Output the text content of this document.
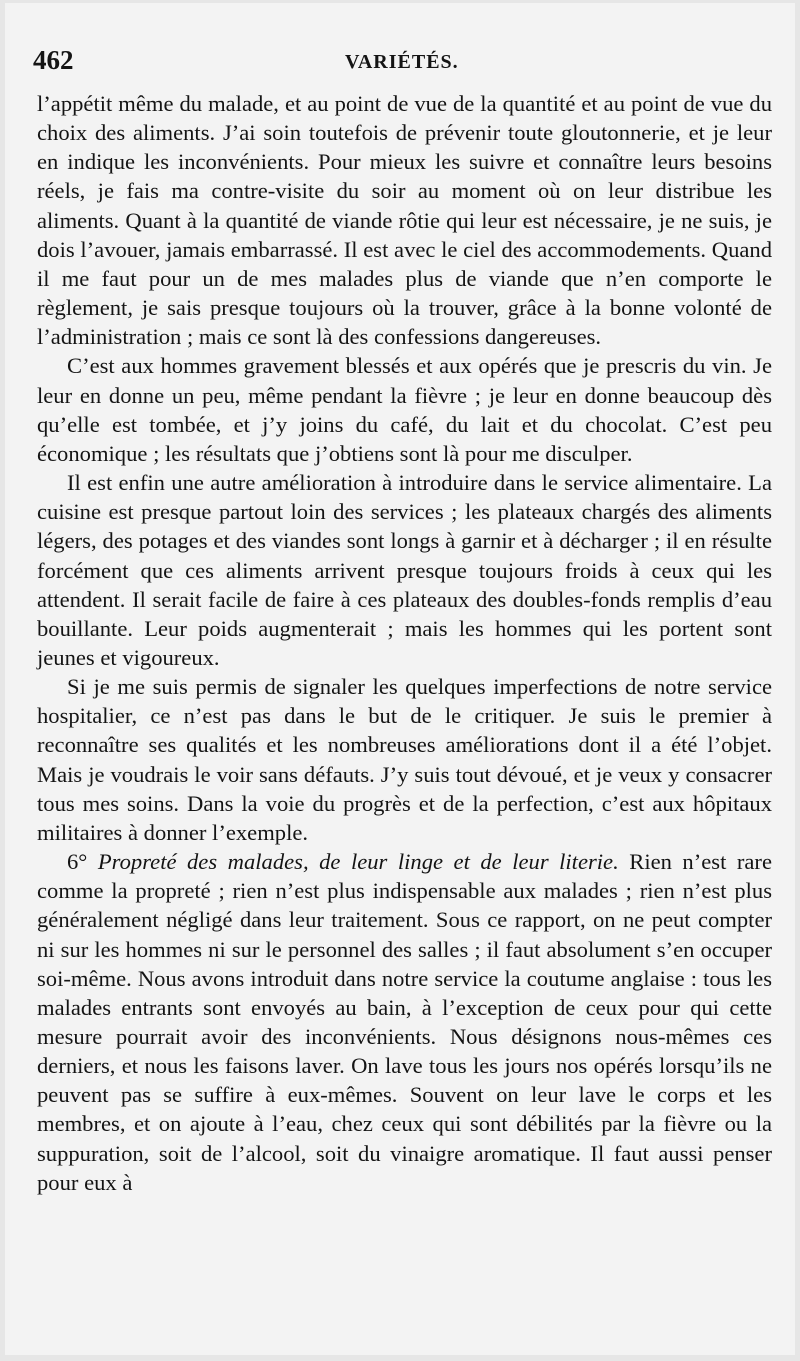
462	VARIÉTÉS.

l’appétit même du malade, et au point de vue de la quantité et au point de vue du choix des aliments. J’ai soin toutefois de prévenir toute gloutonnerie, et je leur en indique les inconvénients. Pour mieux les suivre et connaître leurs besoins réels, je fais ma contre-visite du soir au moment où on leur distribue les aliments. Quant à la quantité de viande rôtie qui leur est nécessaire, je ne suis, je dois l’avouer, jamais embarrassé. Il est avec le ciel des accommodements. Quand il me faut pour un de mes malades plus de viande que n’en comporte le règlement, je sais presque toujours où la trouver, grâce à la bonne volonté de l’administration ; mais ce sont là des confessions dangereuses.

C’est aux hommes gravement blessés et aux opérés que je prescris du vin. Je leur en donne un peu, même pendant la fièvre ; je leur en donne beaucoup dès qu’elle est tombée, et j’y joins du café, du lait et du chocolat. C’est peu économique ; les résultats que j’obtiens sont là pour me disculper.

Il est enfin une autre amélioration à introduire dans le service alimentaire. La cuisine est presque partout loin des services ; les plateaux chargés des aliments légers, des potages et des viandes sont longs à garnir et à décharger ; il en résulte forcément que ces aliments arrivent presque toujours froids à ceux qui les attendent. Il serait facile de faire à ces plateaux des doubles-fonds remplis d’eau bouillante. Leur poids augmenterait ; mais les hommes qui les portent sont jeunes et vigoureux.

Si je me suis permis de signaler les quelques imperfections de notre service hospitalier, ce n’est pas dans le but de le critiquer. Je suis le premier à reconnaître ses qualités et les nombreuses améliorations dont il a été l’objet. Mais je voudrais le voir sans défauts. J’y suis tout dévoué, et je veux y consacrer tous mes soins. Dans la voie du progrès et de la perfection, c’est aux hôpitaux militaires à donner l’exemple.

6° Propreté des malades, de leur linge et de leur literie. Rien n’est rare comme la propreté ; rien n’est plus indispensable aux malades ; rien n’est plus généralement négligé dans leur traitement. Sous ce rapport, on ne peut compter ni sur les hommes ni sur le personnel des salles ; il faut absolument s’en occuper soi-même. Nous avons introduit dans notre service la coutume anglaise : tous les malades entrants sont envoyés au bain, à l’exception de ceux pour qui cette mesure pourrait avoir des inconvénients. Nous désignons nous-mêmes ces derniers, et nous les faisons laver. On lave tous les jours nos opérés lorsqu’ils ne peuvent pas se suffire à eux-mêmes. Souvent on leur lave le corps et les membres, et on ajoute à l’eau, chez ceux qui sont débilités par la fièvre ou la suppuration, soit de l’alcool, soit du vinaigre aromatique. Il faut aussi penser pour eux à
